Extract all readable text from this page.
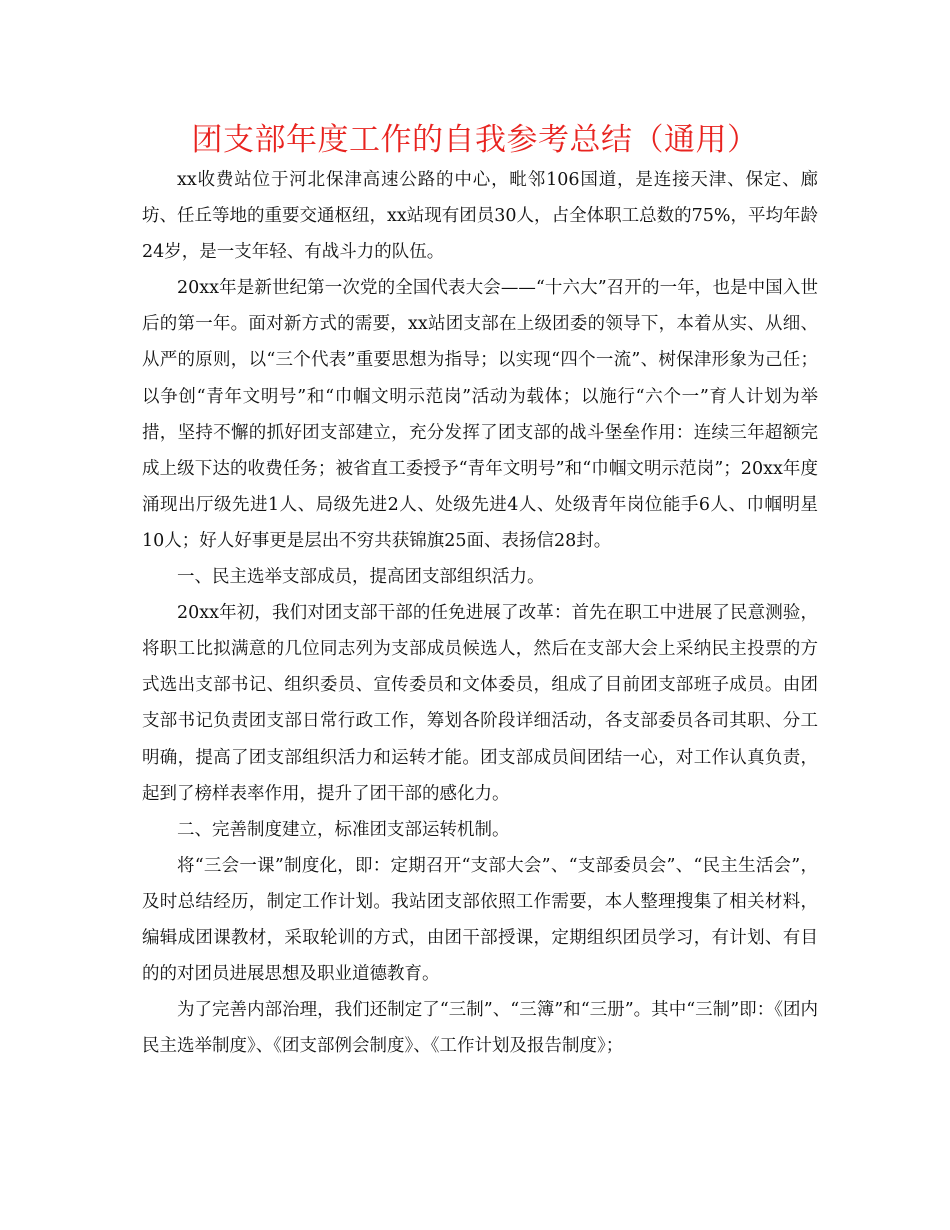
团支部年度工作的自我参考总结（通用）

xx收费站位于河北保津高速公路的中心，毗邻106国道，是连接天津、保定、廊坊、任丘等地的重要交通枢纽，xx站现有团员30人，占全体职工总数的75%，平均年龄24岁，是一支年轻、有战斗力的队伍。

20xx年是新世纪第一次党的全国代表大会——“十六大”召开的一年，也是中国入世后的第一年。面对新方式的需要，xx站团支部在上级团委的领导下，本着从实、从细、从严的原则，以“三个代表”重要思想为指导；以实现“四个一流”、树保津形象为己任；以争创“青年文明号”和“巾帼文明示范岗”活动为载体；以施行“六个一”育人计划为举措，坚持不懈的抓好团支部建立，充分发挥了团支部的战斗堡垒作用：连续三年超额完成上级下达的收费任务；被省直工委授予“青年文明号”和“巾帼文明示范岗”；20xx年度涌现出厅级先进1人、局级先进2人、处级先进4人、处级青年岗位能手6人、巾帼明星10人；好人好事更是层出不穷共获锦旗25面、表扬信28封。

一、民主选举支部成员，提高团支部组织活力。

20xx年初，我们对团支部干部的任免进展了改革：首先在职工中进展了民意测验，将职工比拟满意的几位同志列为支部成员候选人，然后在支部大会上采纳民主投票的方式选出支部书记、组织委员、宣传委员和文体委员，组成了目前团支部班子成员。由团支部书记负责团支部日常行政工作，筹划各阶段详细活动，各支部委员各司其职、分工明确，提高了团支部组织活力和运转才能。团支部成员间团结一心，对工作认真负责，起到了榜样表率作用，提升了团干部的感化力。

二、完善制度建立，标准团支部运转机制。

将“三会一课”制度化，即：定期召开“支部大会”、“支部委员会”、“民主生活会”，及时总结经历，制定工作计划。我站团支部依照工作需要，本人整理搜集了相关材料，编辑成团课教材，采取轮训的方式，由团干部授课，定期组织团员学习，有计划、有目的的对团员进展思想及职业道德教育。

为了完善内部治理，我们还制定了“三制”、“三簿”和“三册”。其中“三制”即：《团内民主选举制度》、《团支部例会制度》、《工作计划及报告制度》；
